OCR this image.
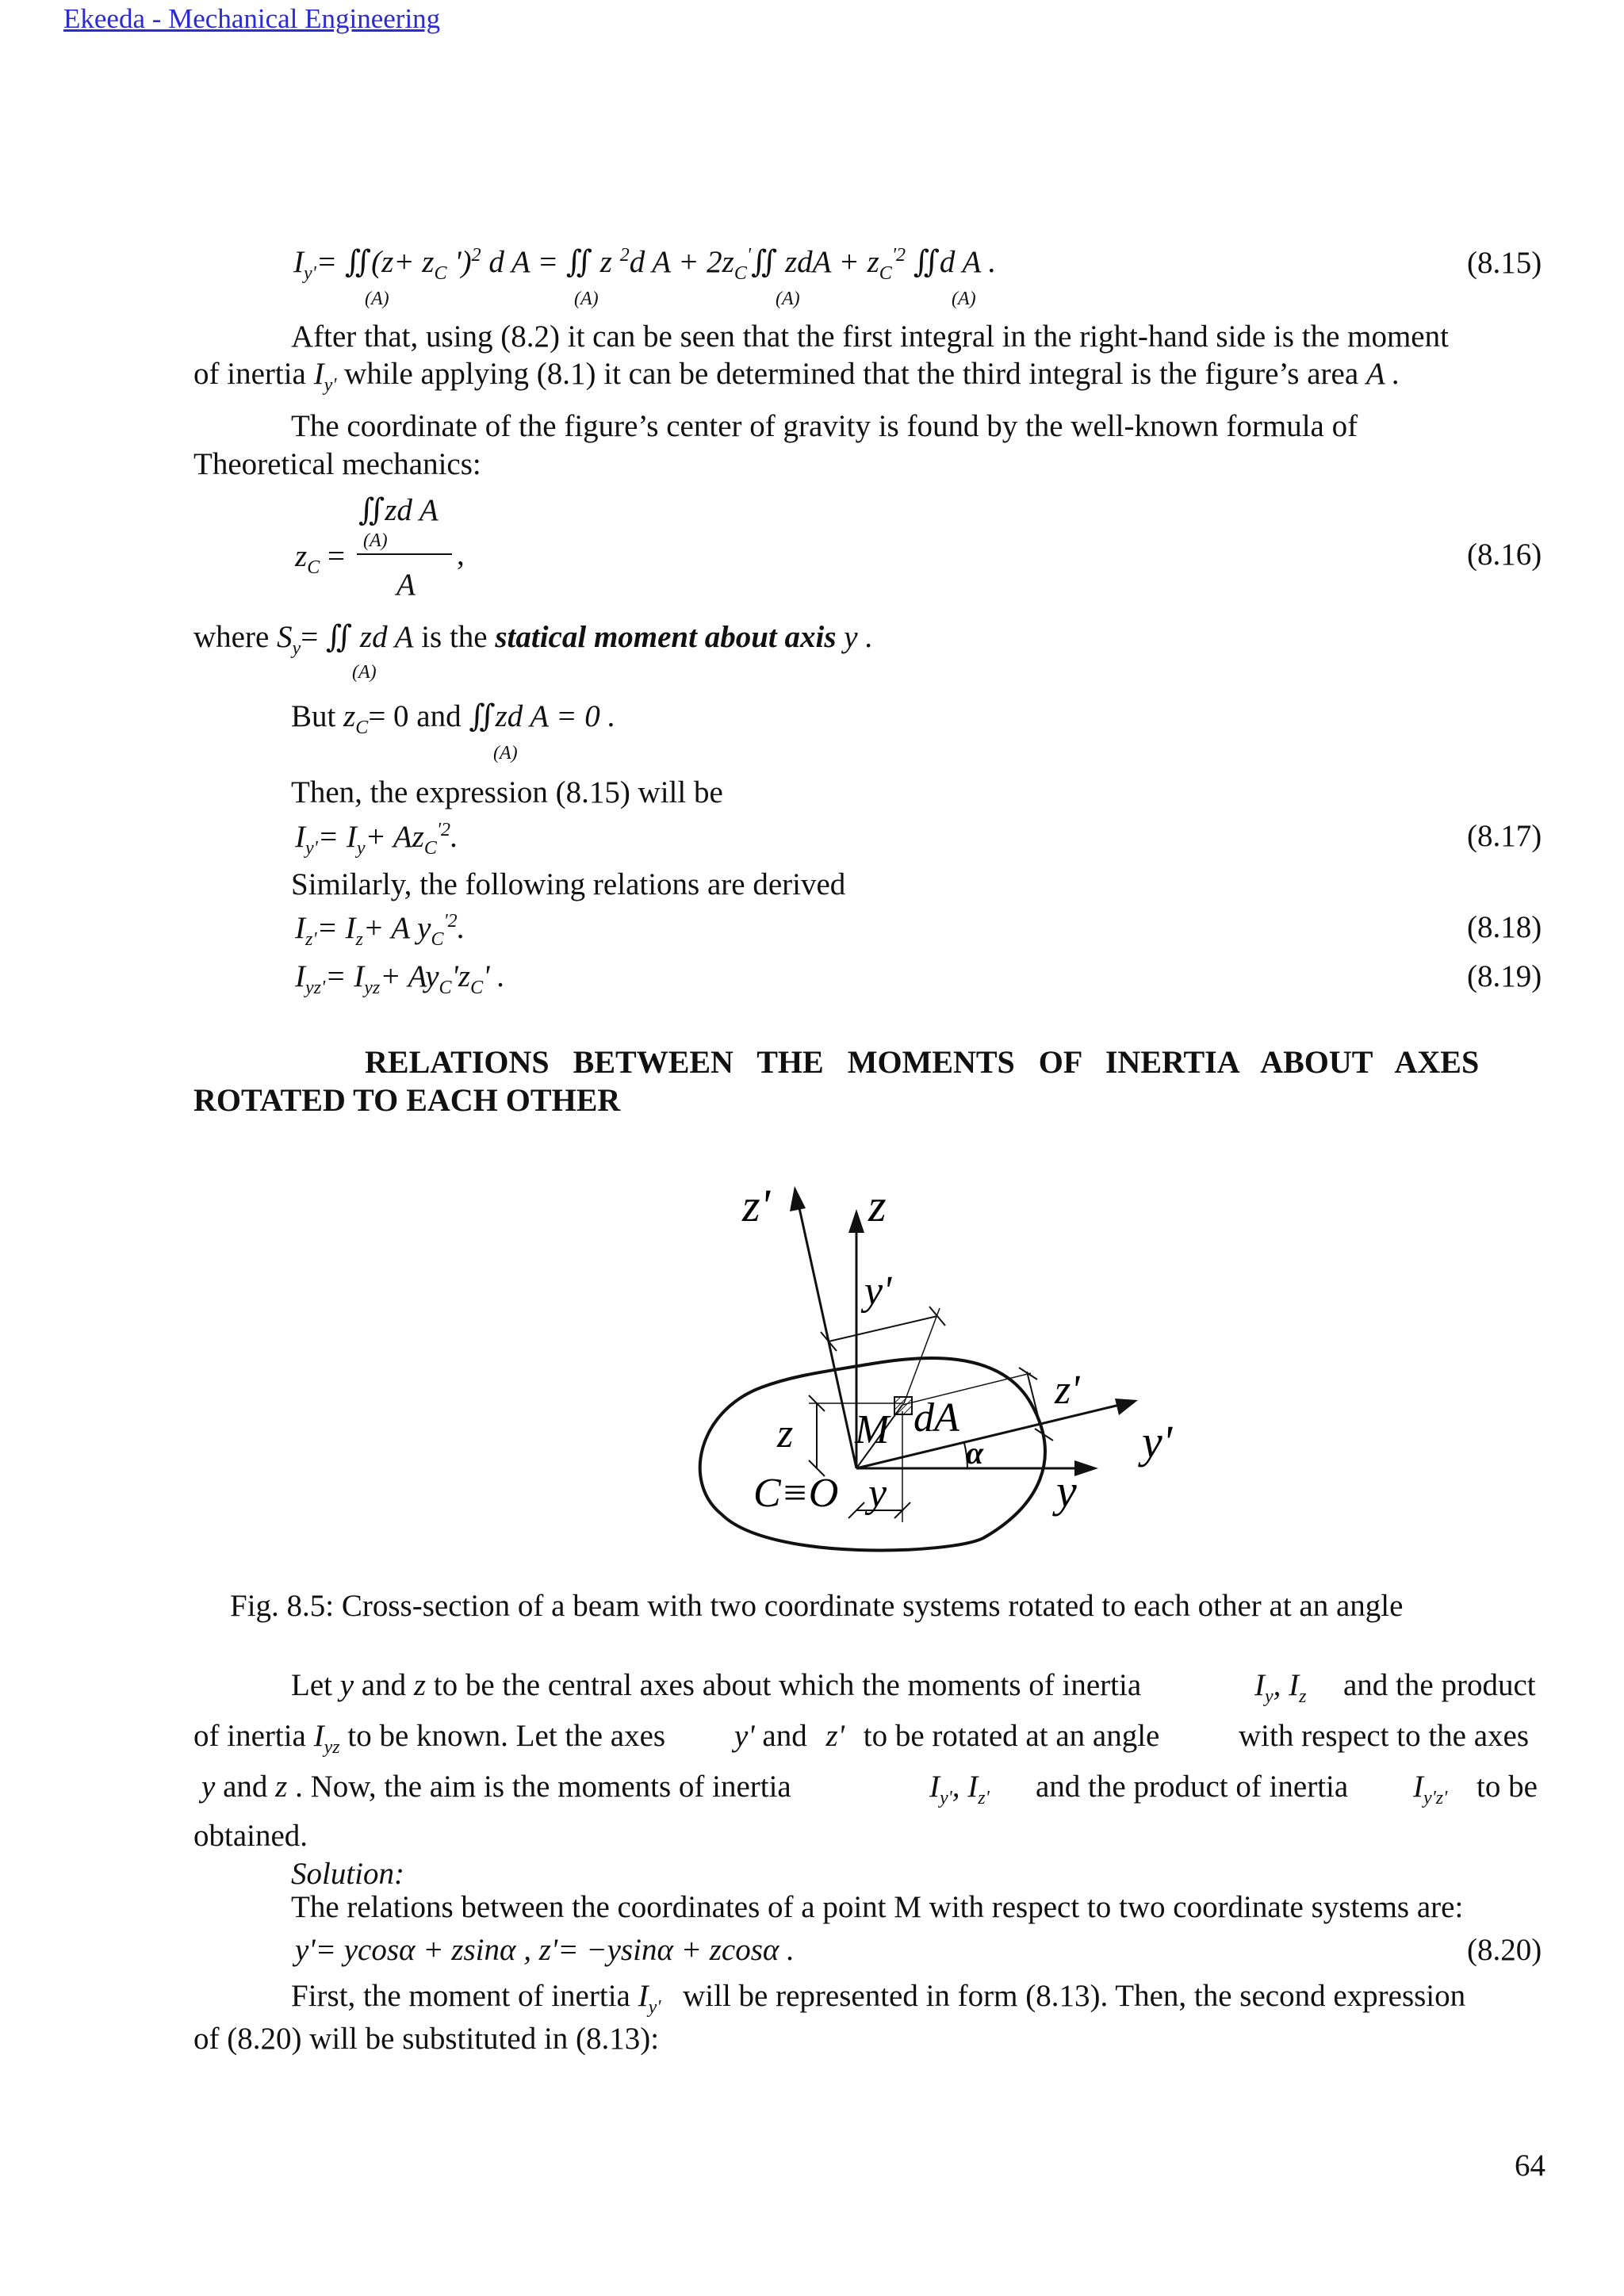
Ekeeda - Mechanical Engineering
$I_{y'}=$ ∬(z+ $z_C$ ')$^2$ d A = ∬ z $^2$d $A + 2z_C'∬$ zdA + $z_C^{'2}$ ∬d A .
(A)	(A)	(A)	(A)
(8.15)
After that, using (8.2) it can be seen that the first integral in the right-hand side is the moment
of inertia $I_{y'}$ while applying (8.1) it can be determined that the third integral is the figure’s area A .
The coordinate of the figure’s center of gravity is found by the well-known formula of
Theoretical mechanics:
∬zd A
(A)
$z_C$ =	,
A
(8.16)
where $S_y=$ ∬ zd A is the statical moment about axis y .
(A)
But $z_C= 0$ and ∬zd A = 0 .
(A)
Then, the expression (8.15) will be
$I_{y'}= I_y+ Az_C^{'2}$.	(8.17)
Similarly, the following relations are derived
$I_{z'}= I_z+ A$ $y_C^{'2}$.	(8.18)
$I_{yz'}= I_{yz}+ Ay_C'z_C'$ .	(8.19)
RELATIONS   BETWEEN   THE   MOMENTS   OF   INERTIA   ABOUT   AXES
ROTATED TO EACH OTHER
z' z
y'
z'
z M dA
α	y'
C≡O y	y
Fig. 8.5: Cross-section of a beam with two coordinate systems rotated to each other at an angle
Let y and z to be the central axes about which the moments of inertia	$I_y$, $I_z$ and the product
of inertia $I_{yz}$ to be known. Let the axes y' and z' to be rotated at an angle	with respect to the axes
y and z . Now, the aim is the moments of inertia	$I_{y'}$, $I_{z'}$ and the product of inertia $I_{y'z'}$ to be
obtained.
Solution:
The relations between the coordinates of a point M with respect to two coordinate systems are:
y'= ycosα + zsinα , z'= −ysinα + zcosα .	(8.20)
First, the moment of inertia $I_{y'}$ will be represented in form (8.13). Then, the second expression
of (8.20) will be substituted in (8.13):
64
